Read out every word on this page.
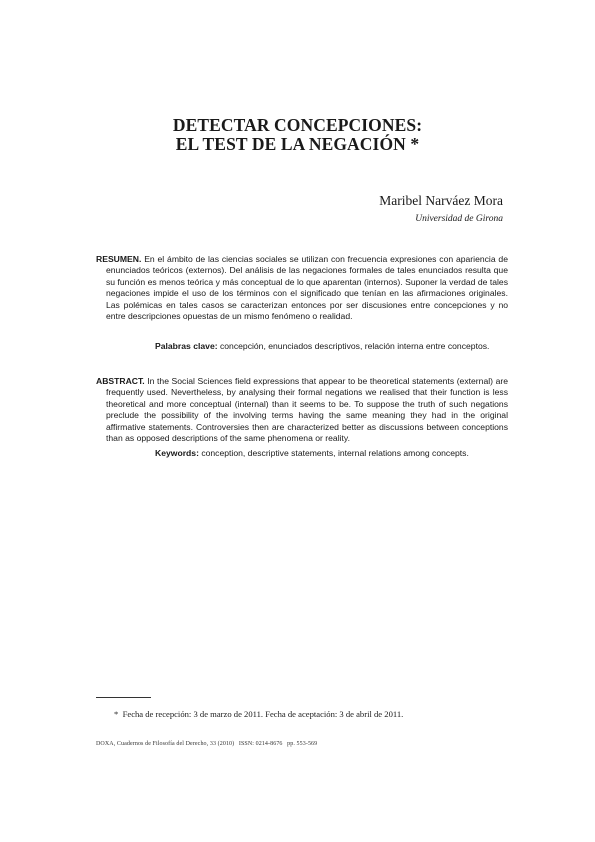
DETECTAR CONCEPCIONES:
EL TEST DE LA NEGACIÓN *
Maribel Narváez Mora
Universidad de Girona
RESUMEN. En el ámbito de las ciencias sociales se utilizan con frecuencia expresiones con apariencia de enunciados teóricos (externos). Del análisis de las negaciones formales de tales enunciados resulta que su función es menos teórica y más conceptual de lo que aparentan (internos). Suponer la verdad de tales negaciones impide el uso de los términos con el significado que tenían en las afirmaciones originales. Las polémicas en tales casos se caracterizan entonces por ser discusiones entre concepciones y no entre descripciones opuestas de un mismo fenómeno o realidad.
Palabras clave: concepción, enunciados descriptivos, relación interna entre conceptos.
ABSTRACT. In the Social Sciences field expressions that appear to be theoretical statements (external) are frequently used. Nevertheless, by analysing their formal negations we realised that their function is less theoretical and more conceptual (internal) than it seems to be. To suppose the truth of such negations preclude the possibility of the involving terms having the same meaning they had in the original affirmative statements. Controversies then are characterized better as discussions between conceptions than as opposed descriptions of the same phenomena or reality.
Keywords: conception, descriptive statements, internal relations among concepts.
* Fecha de recepción: 3 de marzo de 2011. Fecha de aceptación: 3 de abril de 2011.
DOXA, Cuadernos de Filosofía del Derecho, 33 (2010) ISSN: 0214-8676 pp. 553-569
